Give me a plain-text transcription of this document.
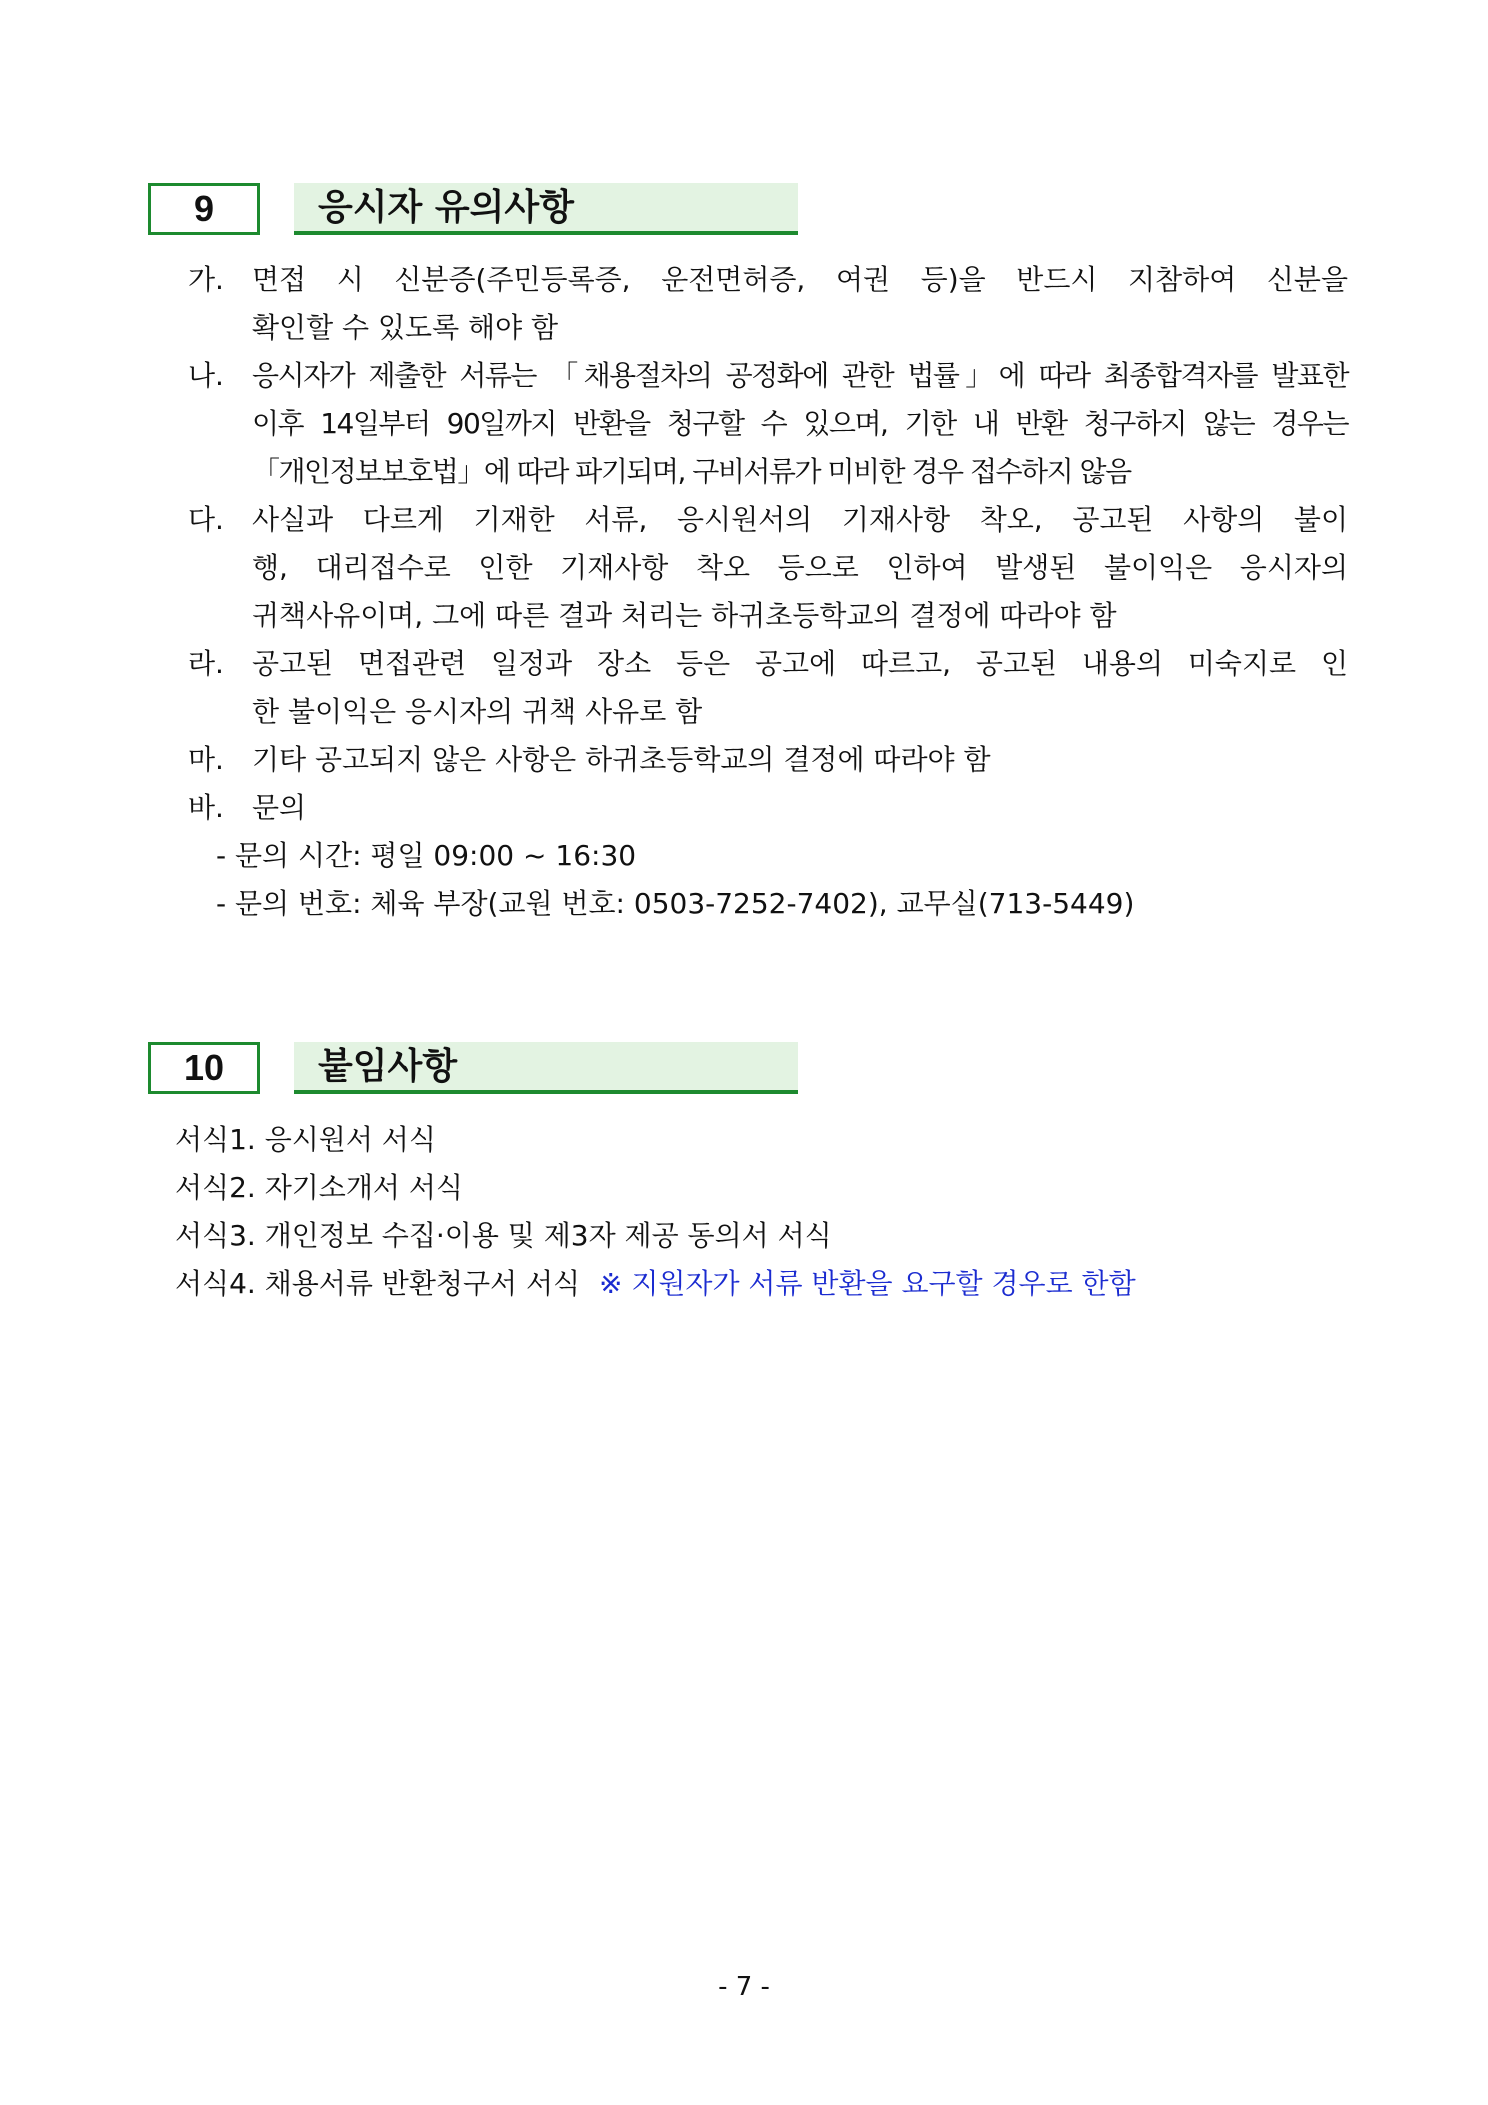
9	응시자 유의사항
가. 면접 시 신분증(주민등록증, 운전면허증, 여권 등)을 반드시 지참하여 신분을
확인할 수 있도록 해야 함
나. 응시자가 제출한 서류는 「채용절차의 공정화에 관한 법률」에 따라 최종합격자를 발표한
이후 14일부터 90일까지 반환을 청구할 수 있으며, 기한 내 반환 청구하지 않는 경우는
「개인정보보호법」에 따라 파기되며, 구비서류가 미비한 경우 접수하지 않음
다. 사실과 다르게 기재한 서류, 응시원서의 기재사항 착오, 공고된 사항의 불이
행, 대리접수로 인한 기재사항 착오 등으로 인하여 발생된 불이익은 응시자의
귀책사유이며, 그에 따른 결과 처리는 하귀초등학교의 결정에 따라야 함
라. 공고된 면접관련 일정과 장소 등은 공고에 따르고, 공고된 내용의 미숙지로 인
한 불이익은 응시자의 귀책 사유로 함
마. 기타 공고되지 않은 사항은 하귀초등학교의 결정에 따라야 함
바. 문의
- 문의 시간: 평일 09:00 ~ 16:30
- 문의 번호: 체육 부장(교원 번호: 0503-7252-7402), 교무실(713-5449)
10	붙임사항
서식1. 응시원서 서식
서식2. 자기소개서 서식
서식3. 개인정보 수집·이용 및 제3자 제공 동의서 서식
서식4. 채용서류 반환청구서 서식 ※ 지원자가 서류 반환을 요구할 경우로 한함
- 7 -
